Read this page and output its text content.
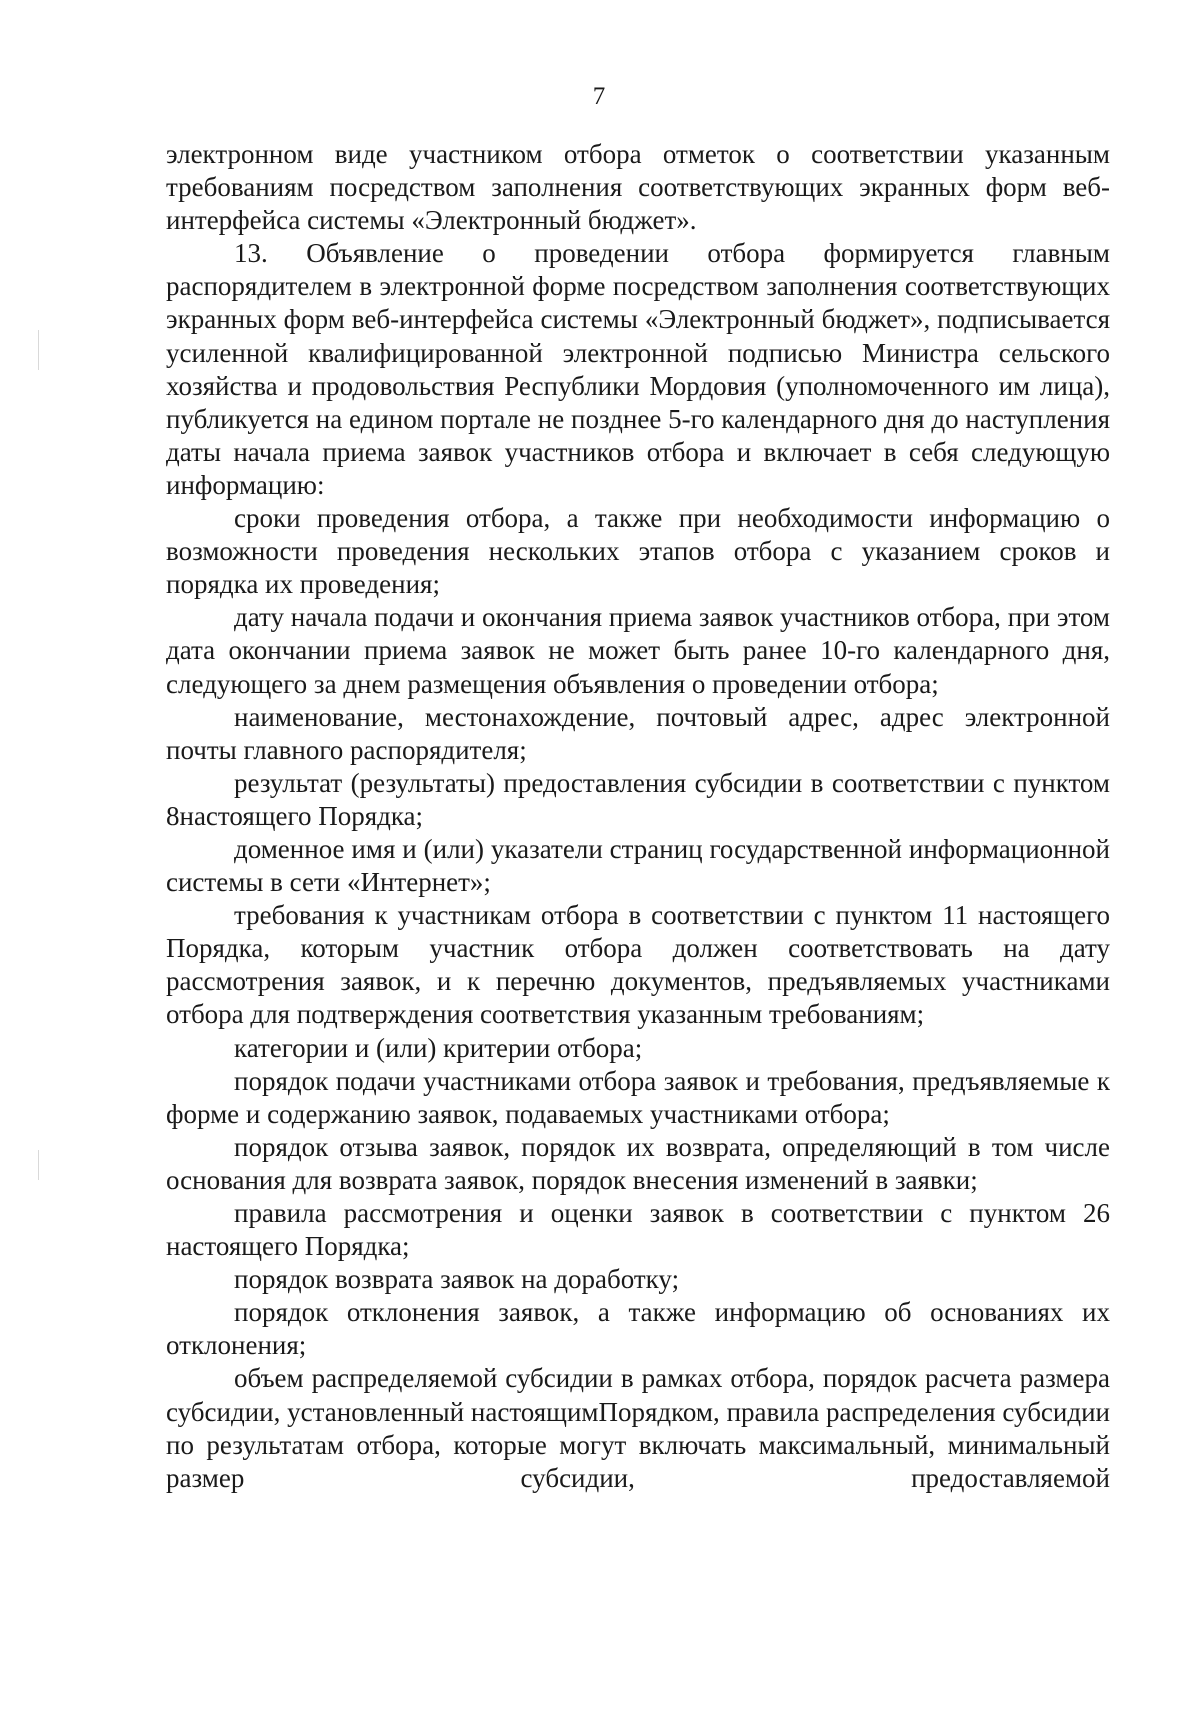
7

электронном виде участником отбора отметок о соответствии указанным требованиям посредством заполнения соответствующих экранных форм веб-интерфейса системы «Электронный бюджет».

13. Объявление о проведении отбора формируется главным распорядителем в электронной форме посредством заполнения соответствующих экранных форм веб-интерфейса системы «Электронный бюджет», подписывается усиленной квалифицированной электронной подписью Министра сельского хозяйства и продовольствия Республики Мордовия (уполномоченного им лица), публикуется на едином портале не позднее 5-го календарного дня до наступления даты начала приема заявок участников отбора и включает в себя следующую информацию:

сроки проведения отбора, а также при необходимости информацию о возможности проведения нескольких этапов отбора с указанием сроков и порядка их проведения;

дату начала подачи и окончания приема заявок участников отбора, при этом дата окончании приема заявок не может быть ранее 10-го календарного дня, следующего за днем размещения объявления о проведении отбора;

наименование, местонахождение, почтовый адрес, адрес электронной почты главного распорядителя;

результат (результаты) предоставления субсидии в соответствии с пунктом 8настоящего Порядка;

доменное имя и (или) указатели страниц государственной информационной системы в сети «Интернет»;

требования к участникам отбора в соответствии с пунктом 11 настоящего Порядка, которым участник отбора должен соответствовать на дату рассмотрения заявок, и к перечню документов, предъявляемых участниками отбора для подтверждения соответствия указанным требованиям;

категории и (или) критерии отбора;

порядок подачи участниками отбора заявок и требования, предъявляемые к форме и содержанию заявок, подаваемых участниками отбора;

порядок отзыва заявок, порядок их возврата, определяющий в том числе основания для возврата заявок, порядок внесения изменений в заявки;

правила рассмотрения и оценки заявок в соответствии с пунктом 26 настоящего Порядка;

порядок возврата заявок на доработку;

порядок отклонения заявок, а также информацию об основаниях их отклонения;

объем распределяемой субсидии в рамках отбора, порядок расчета размера субсидии, установленный настоящимПорядком, правила распределения субсидии по результатам отбора, которые могут включать максимальный, минимальный размер субсидии, предоставляемой
